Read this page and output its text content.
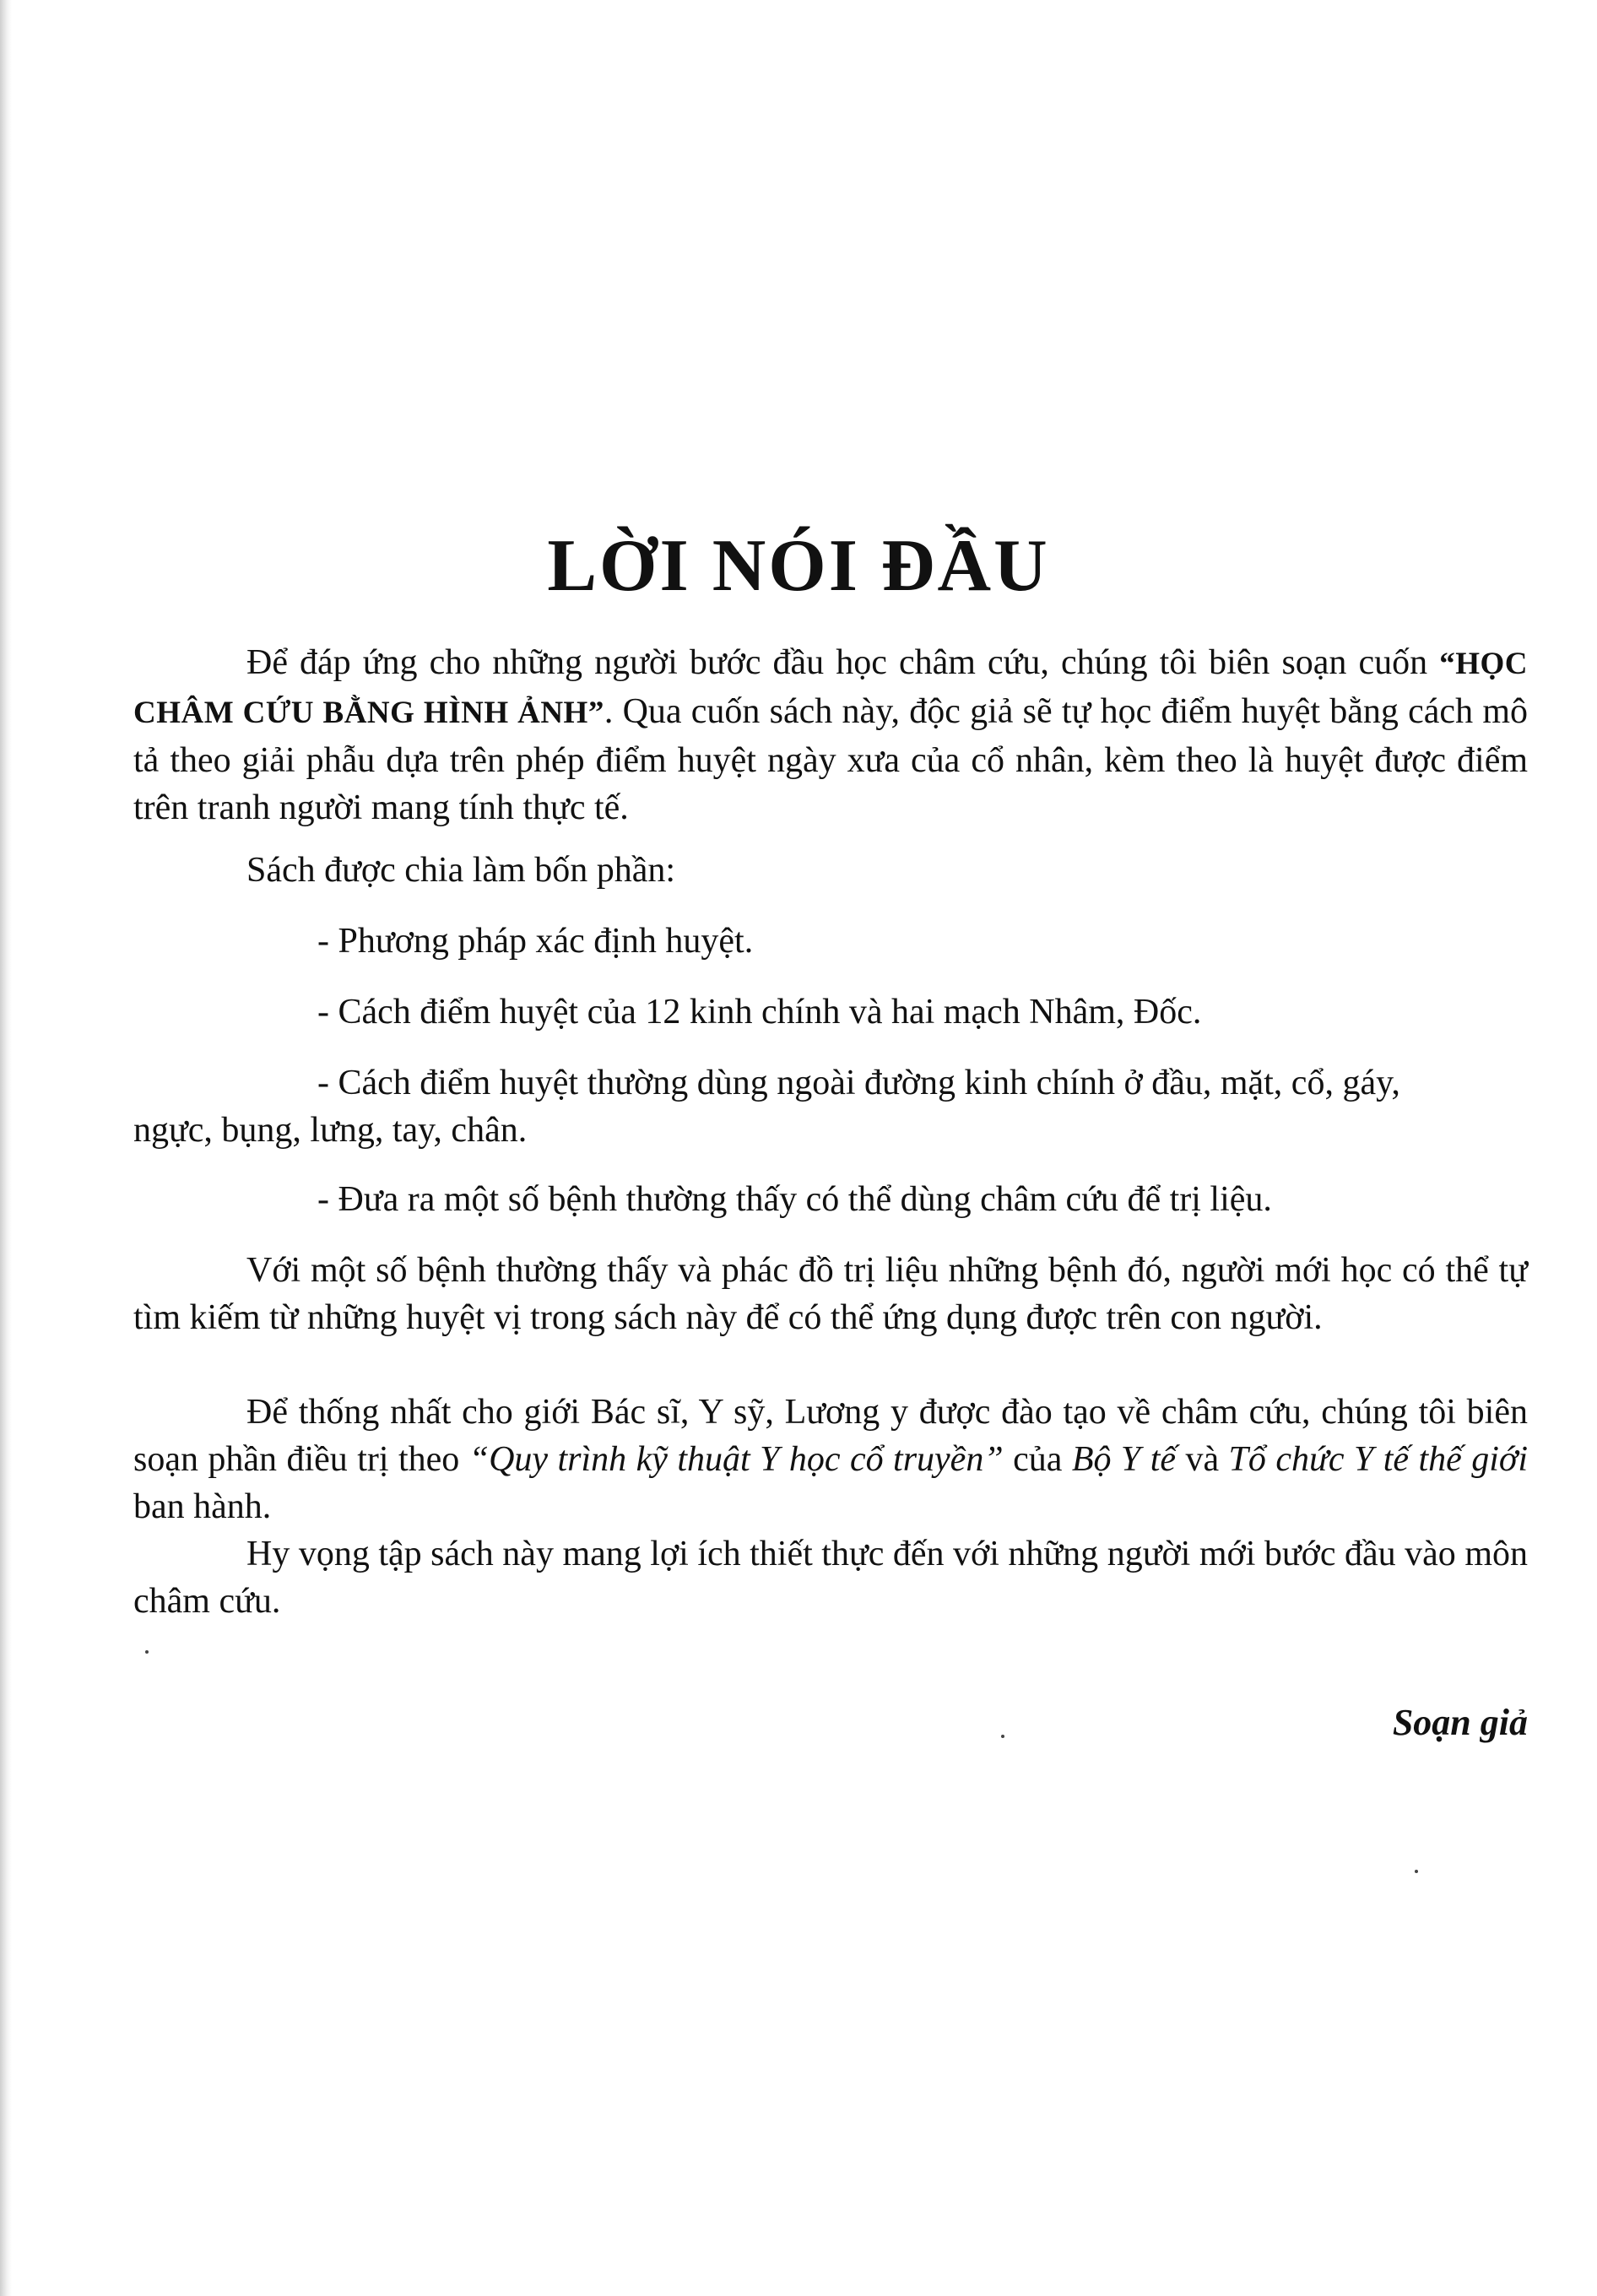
LỜI NÓI ĐẦU

Để đáp ứng cho những người bước đầu học châm cứu, chúng tôi biên soạn cuốn “HỌC CHÂM CỨU BẰNG HÌNH ẢNH”. Qua cuốn sách này, độc giả sẽ tự học điểm huyệt bằng cách mô tả theo giải phẫu dựa trên phép điểm huyệt ngày xưa của cổ nhân, kèm theo là huyệt được điểm trên tranh người mang tính thực tế.

Sách được chia làm bốn phần:

- Phương pháp xác định huyệt.
- Cách điểm huyệt của 12 kinh chính và hai mạch Nhâm, Đốc.
- Cách điểm huyệt thường dùng ngoài đường kinh chính ở đầu, mặt, cổ, gáy,
ngực, bụng, lưng, tay, chân.
- Đưa ra một số bệnh thường thấy có thể dùng châm cứu để trị liệu.

Với một số bệnh thường thấy và phác đồ trị liệu những bệnh đó, người mới học có thể tự tìm kiếm từ những huyệt vị trong sách này để có thể ứng dụng được trên con người.

Để thống nhất cho giới Bác sĩ, Y sỹ, Lương y được đào tạo về châm cứu, chúng tôi biên soạn phần điều trị theo “Quy trình kỹ thuật Y học cổ truyền” của Bộ Y tế và Tổ chức Y tế thế giới ban hành.

Hy vọng tập sách này mang lợi ích thiết thực đến với những người mới bước đầu vào môn châm cứu.

Soạn giả
